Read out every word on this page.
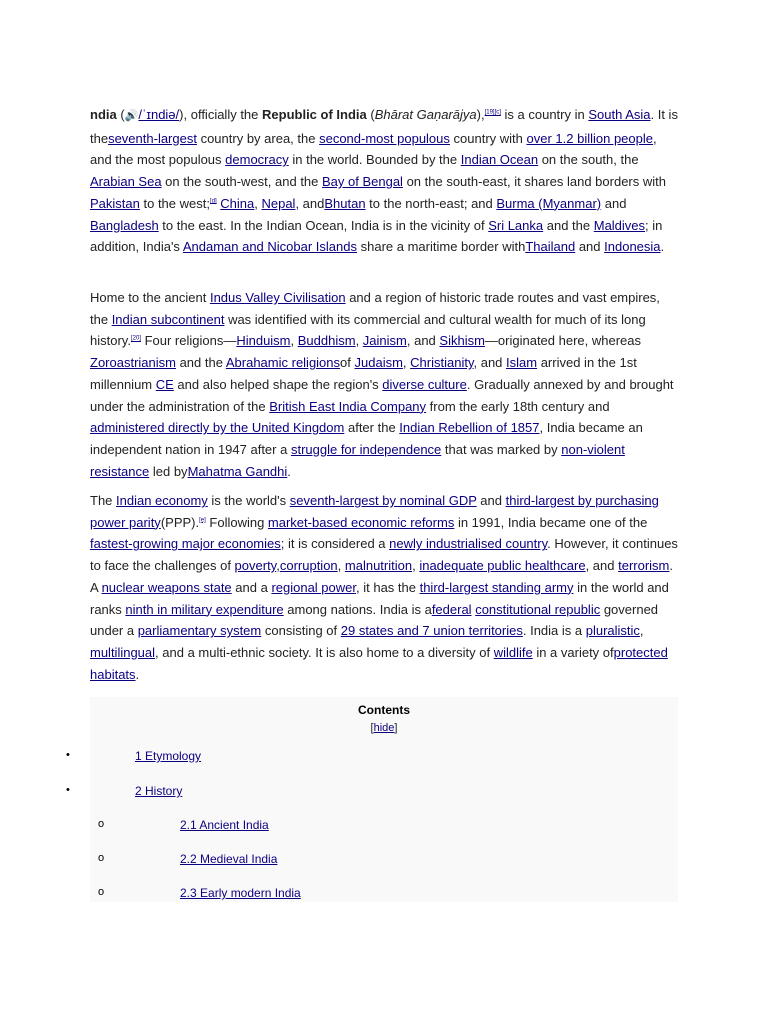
ndia (🔊/ˈɪndiə/), officially the Republic of India (Bhārat Gaṇarājya),[19][c] is a country in South Asia. It is theseventh-largest country by area, the second-most populous country with over 1.2 billion people, and the most populous democracy in the world. Bounded by the Indian Ocean on the south, the Arabian Sea on the south-west, and the Bay of Bengal on the south-east, it shares land borders with Pakistan to the west;[d] China, Nepal, andBhutan to the north-east; and Burma (Myanmar) and Bangladesh to the east. In the Indian Ocean, India is in the vicinity of Sri Lanka and the Maldives; in addition, India's Andaman and Nicobar Islands share a maritime border withThailand and Indonesia.

Home to the ancient Indus Valley Civilisation and a region of historic trade routes and vast empires, the Indian subcontinent was identified with its commercial and cultural wealth for much of its long history.[20] Four religions—Hinduism, Buddhism, Jainism, and Sikhism—originated here, whereas Zoroastrianism and the Abrahamic religionsof Judaism, Christianity, and Islam arrived in the 1st millennium CE and also helped shape the region's diverse culture. Gradually annexed by and brought under the administration of the British East India Company from the early 18th century and administered directly by the United Kingdom after the Indian Rebellion of 1857, India became an independent nation in 1947 after a struggle for independence that was marked by non-violent resistance led byMahatma Gandhi.

The Indian economy is the world's seventh-largest by nominal GDP and third-largest by purchasing power parity(PPP).[e] Following market-based economic reforms in 1991, India became one of the fastest-growing major economies; it is considered a newly industrialised country. However, it continues to face the challenges of poverty,corruption, malnutrition, inadequate public healthcare, and terrorism. A nuclear weapons state and a regional power, it has the third-largest standing army in the world and ranks ninth in military expenditure among nations. India is afederal constitutional republic governed under a parliamentary system consisting of 29 states and 7 union territories. India is a pluralistic, multilingual, and a multi-ethnic society. It is also home to a diversity of wildlife in a variety ofprotected habitats.

Contents
[hide]
•	1 Etymology
•	2 History
o	2.1 Ancient India
o	2.2 Medieval India
o	2.3 Early modern India
